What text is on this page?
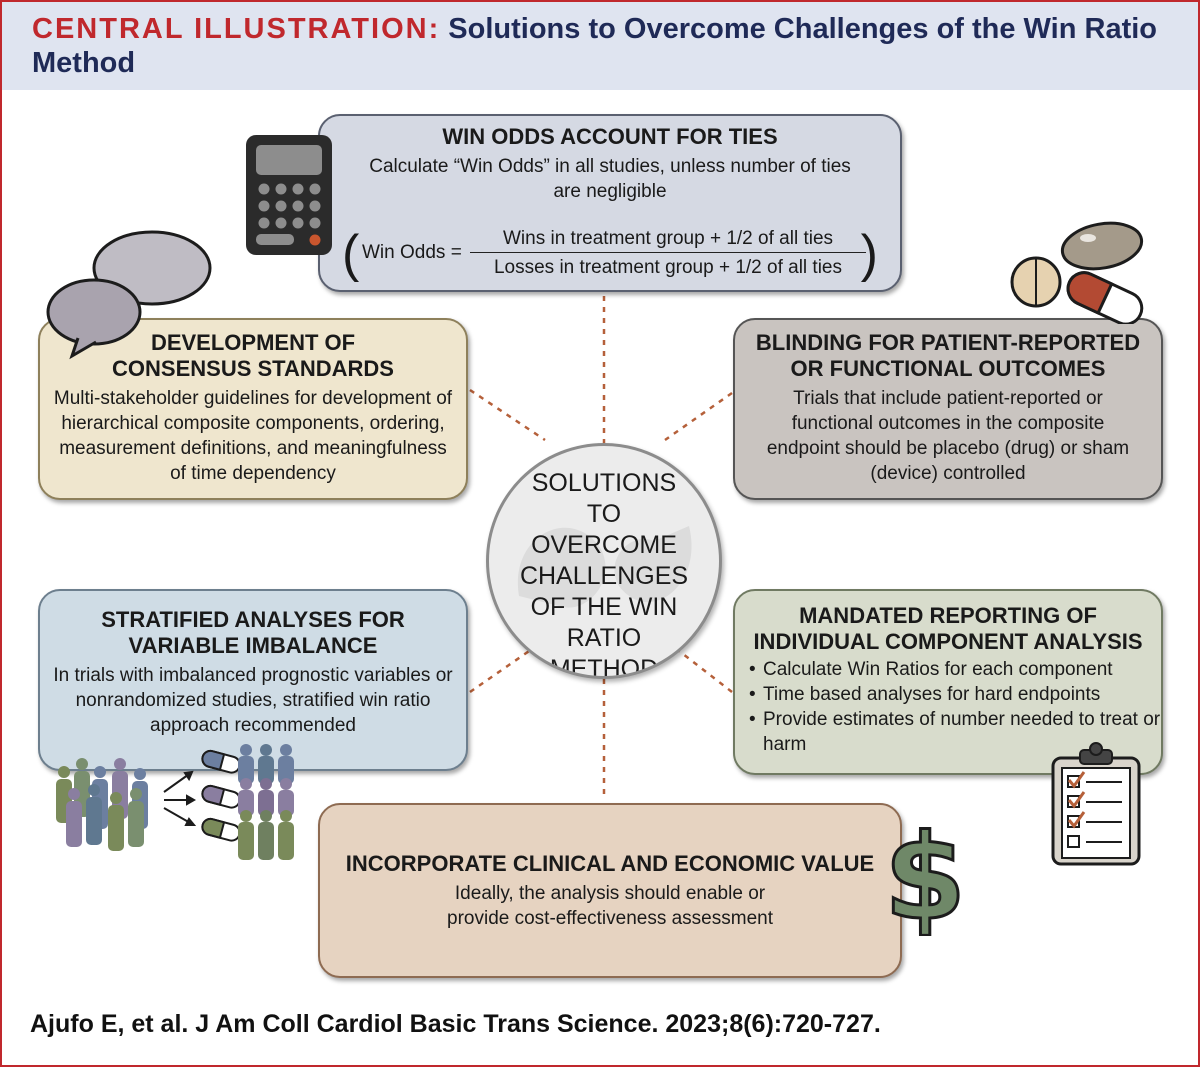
CENTRAL ILLUSTRATION: Solutions to Overcome Challenges of the Win Ratio Method
WIN ODDS ACCOUNT FOR TIES
Calculate “Win Odds” in all studies, unless number of ties are negligible
( Win Odds =
Wins in treatment group + 1/2 of all ties
Losses in treatment group + 1/2 of all ties )
DEVELOPMENT OF CONSENSUS STANDARDS
Multi-stakeholder guidelines for development of hierarchical composite components, ordering, measurement definitions, and meaningfulness of time dependency
BLINDING FOR PATIENT-REPORTED OR FUNCTIONAL OUTCOMES
Trials that include patient-reported or functional outcomes in the composite endpoint should be placebo (drug) or sham (device) controlled
STRATIFIED ANALYSES FOR VARIABLE IMBALANCE
In trials with imbalanced prognostic variables or nonrandomized studies, stratified win ratio approach recommended
MANDATED REPORTING OF INDIVIDUAL COMPONENT ANALYSIS
• Calculate Win Ratios for each component
• Time based analyses for hard endpoints
• Provide estimates of number needed to treat or harm
INCORPORATE CLINICAL AND ECONOMIC VALUE
Ideally, the analysis should enable or provide cost-effectiveness assessment
SOLUTIONS TO OVERCOME CHALLENGES OF THE WIN RATIO METHOD
$
Ajufo E, et al. J Am Coll Cardiol Basic Trans Science. 2023;8(6):720-727.
